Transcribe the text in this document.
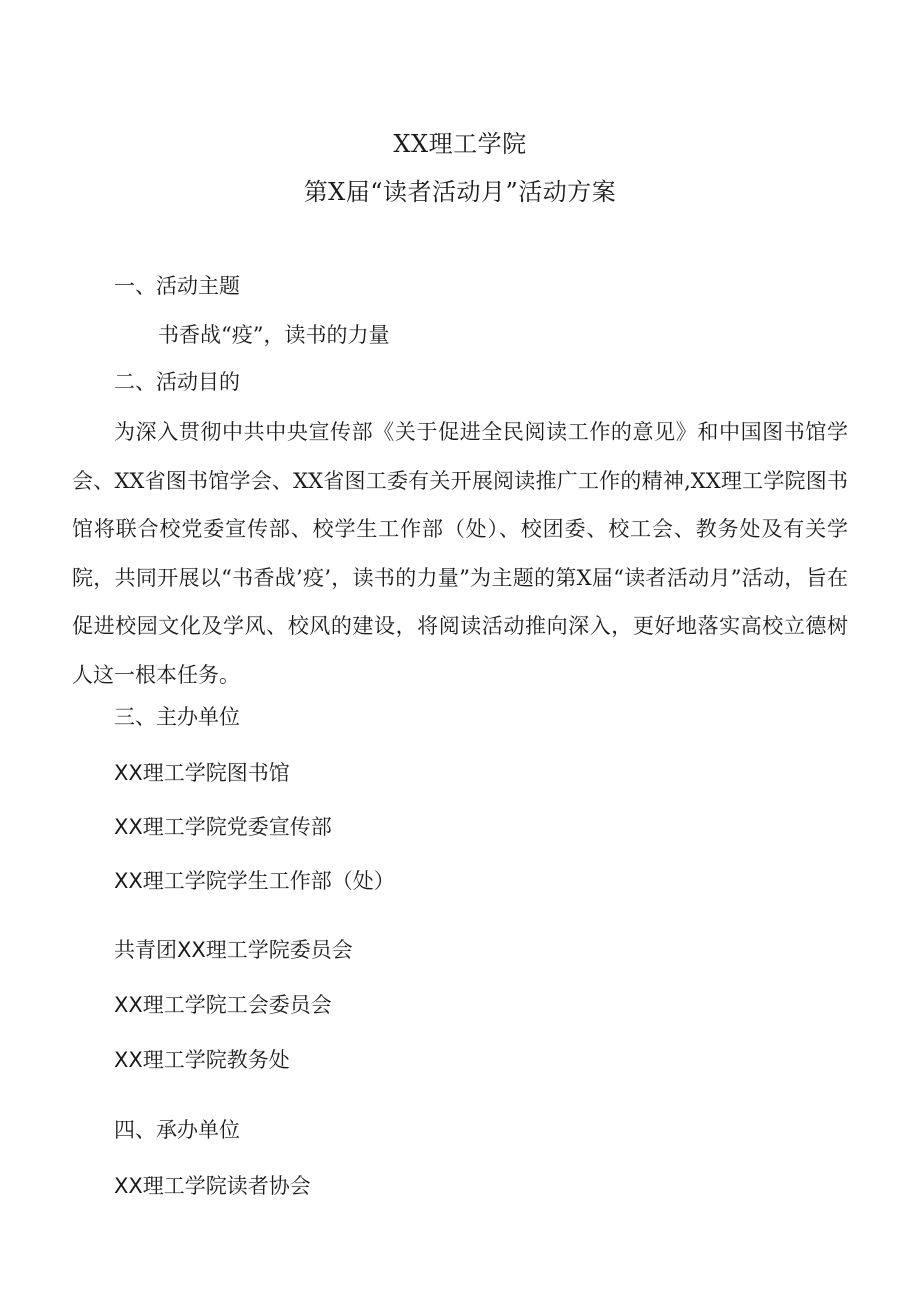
XX理工学院
第X届“读者活动月”活动方案
一、活动主题
书香战“疫”，读书的力量
二、活动目的
为深入贯彻中共中央宣传部《关于促进全民阅读工作的意见》和中国图书馆学会、XX省图书馆学会、XX省图工委有关开展阅读推广工作的精神,XX理工学院图书馆将联合校党委宣传部、校学生工作部（处）、校团委、校工会、教务处及有关学院，共同开展以“书香战’疫’，读书的力量”为主题的第X届“读者活动月”活动，旨在促进校园文化及学风、校风的建设，将阅读活动推向深入，更好地落实高校立德树人这一根本任务。
三、主办单位
XX理工学院图书馆
XX理工学院党委宣传部
XX理工学院学生工作部（处）
共青团XX理工学院委员会
XX理工学院工会委员会
XX理工学院教务处
四、承办单位
XX理工学院读者协会
